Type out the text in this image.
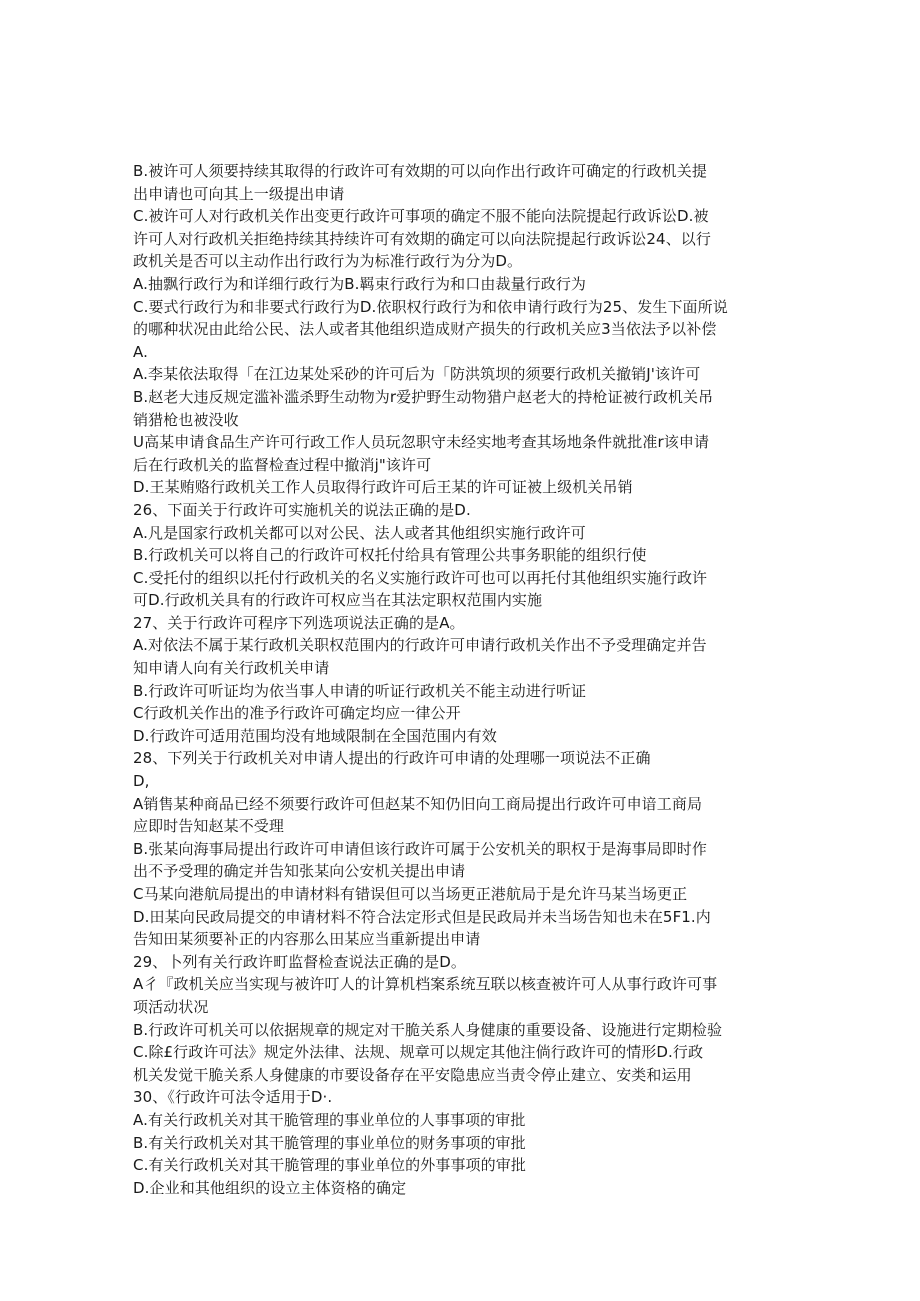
B.被许可人须要持续其取得的行政许可有效期的可以向作出行政许可确定的行政机关提
出申请也可向其上一级提出申请
C.被许可人对行政机关作出变更行政许可事项的确定不服不能向法院提起行政诉讼D.被
许可人对行政机关拒绝持续其持续许可有效期的确定可以向法院提起行政诉讼24、以行
政机关是否可以主动作出行政行为为标准行政行为分为D。
A.抽飘行政行为和详细行政行为B.羁束行政行为和口由裁量行政行为
C.要式行政行为和非要式行政行为D.依职权行政行为和依申请行政行为25、发生下面所说
的哪种状况由此给公民、法人或者其他组织造成财产损失的行政机关应3当依法予以补偿
A.
A.李某依法取得「在江边某处采砂的许可后为「防洪筑坝的须要行政机关撤销J'该许可
B.赵老大违反规定滥补滥杀野生动物为r爱护野生动物猎户赵老大的持枪证被行政机关吊
销猎枪也被没收
U高某申请食品生产许可行政工作人员玩忽职守未经实地考查其场地条件就批准r该申请
后在行政机关的监督检查过程中撤消j"该许可
D.王某贿赂行政机关工作人员取得行政许可后王某的许可证被上级机关吊销
26、下面关于行政许可实施机关的说法正确的是D.
A.凡是国家行政机关都可以对公民、法人或者其他组织实施行政许可
B.行政机关可以将自己的行政许可权托付给具有管理公共事务职能的组织行使
C.受托付的组织以托付行政机关的名义实施行政许可也可以再托付其他组织实施行政许
可D.行政机关具有的行政许可权应当在其法定职权范围内实施
27、关于行政许可程序下列选项说法正确的是A。
A.对依法不属于某行政机关职权范围内的行政许可申请行政机关作出不予受理确定并告
知申请人向有关行政机关申请
B.行政许可听证均为依当事人申请的听证行政机关不能主动进行听证
C行政机关作出的准予行政许可确定均应一律公开
D.行政许可适用范围均没有地域限制在全国范围内有效
28、下列关于行政机关对申请人提出的行政许可申请的处理哪一项说法不正确
D,
A销售某种商品已经不须要行政许可但赵某不知仍旧向工商局提出行政许可申谙工商局
应即时告知赵某不受理
B.张某向海事局提出行政许可申请但该行政许可属于公安机关的职权于是海事局即时作
出不予受理的确定并告知张某向公安机关提出申请
C马某向港航局提出的申请材料有错误但可以当场更正港航局于是允许马某当场更正
D.田某向民政局提交的申请材料不符合法定形式但是民政局并未当场告知也未在5F1.内
告知田某须要补正的内容那么田某应当重新提出申请
29、卜列有关行政许町监督检查说法正确的是D。
A彳『政机关应当实现与被许叮人的计算机档案系统互联以核查被许可人从事行政许可事
项活动状况
B.行政许可机关可以依据规章的规定对干脆关系人身健康的重要设备、设施进行定期检验
C.除£行政许可法》规定外法律、法规、规章可以规定其他注倘行政许可的情形D.行政
机关发觉干脆关系人身健康的市要设备存在平安隐患应当责令停止建立、安类和运用
30、《行政许可法令适用于D·.
A.有关行政机关对其干脆管理的事业单位的人事事项的审批
B.有关行政机关对其干脆管理的事业单位的财务事项的审批
C.有关行政机关对其干脆管理的事业单位的外事事项的审批
D.企业和其他组织的设立主体资格的确定
